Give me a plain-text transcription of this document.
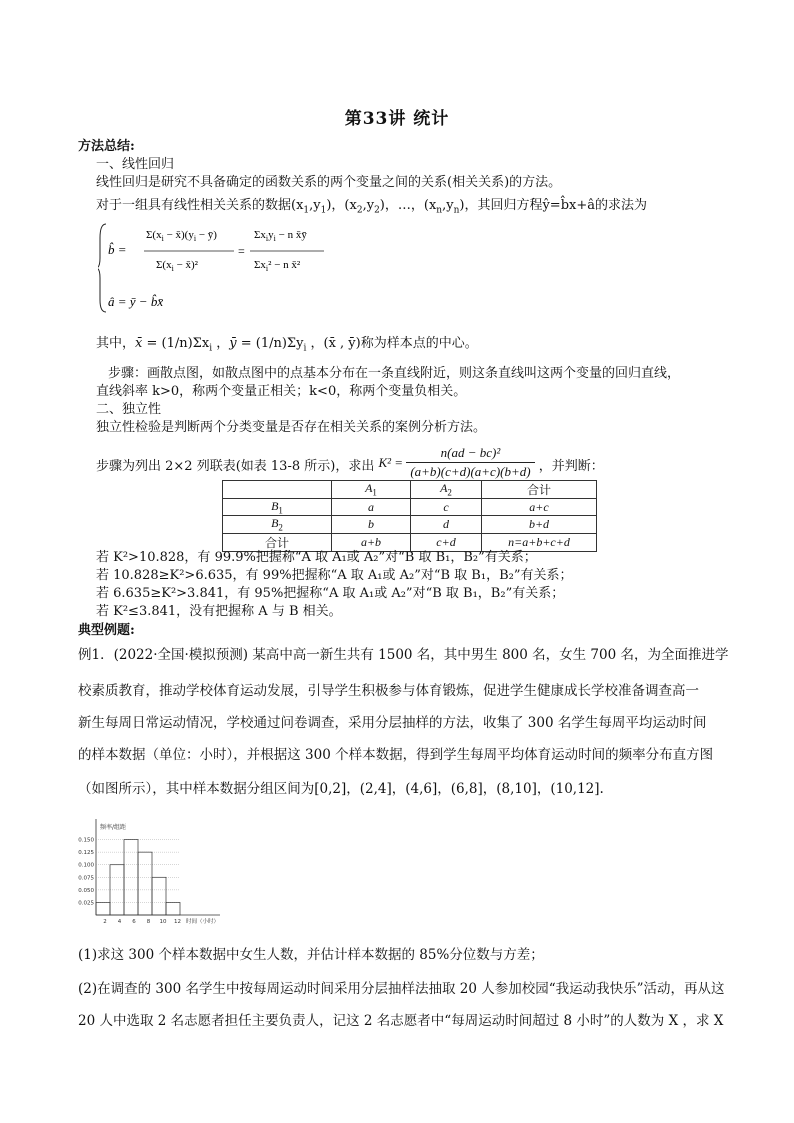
第33讲 统计
方法总结:
一、线性回归
线性回归是研究不具备确定的函数关系的两个变量之间的关系(相关关系)的方法。
对于一组具有线性相关关系的数据$(x_1,y_1)$，$(x_2,y_2)$，…，$(x_n,y_n)$，其回归方程ŷ=b̂x+â的求法为
b̂ =
$\Sigma(x_i$ − $x̄)(y_i$ − ȳ)
$\Sigma(x_i$ − x̄)²
=
$\Sigma x_iy_i - n$ x̄ȳ
$\Sigma x_i^2 - n$ x̄²
â = ȳ − b̂x̄
其中，x̄ = $(1/n)\Sigma x_i$ ，ȳ = $(1/n)\Sigma y_i$ ，(x̄ , ȳ)称为样本点的中心。
步骤：画散点图，如散点图中的点基本分布在一条直线附近，则这条直线叫这两个变量的回归直线，
直线斜率 k>0，称两个变量正相关；k<0，称两个变量负相关。
二、独立性
独立性检验是判断两个分类变量是否存在相关关系的案例分析方法。
步骤为列出 2×2 列联表(如表 13-8 所示)，求出 $K^2 = \frac{\text{n(ad − bc)²}}{(a+b)(c+d)(a+c)(b+d)}$ ，并判断：
	$A_1$	$A_2$	合计
$B_1$	a	c	a+c
$B_2$	b	d	b+d
合计	a+b	c+d	n=a+b+c+d
若 K²>10.828，有 99.9%把握称“A 取 A₁或 A₂”对“B 取 B₁，B₂”有关系；
若 10.828≥K²>6.635，有 99%把握称“A 取 A₁或 A₂”对“B 取 B₁，B₂”有关系；
若 6.635≥K²>3.841，有 95%把握称“A 取 A₁或 A₂”对“B 取 B₁，B₂”有关系；
若 K²≤3.841，没有把握称 A 与 B 相关。
典型例题:
例1．(2022·全国·模拟预测) 某高中高一新生共有 1500 名，其中男生 800 名，女生 700 名，为全面推进学
校素质教育，推动学校体育运动发展，引导学生积极参与体育锻炼，促进学生健康成长学校准备调查高一
新生每周日常运动情况，学校通过问卷调查，采用分层抽样的方法，收集了 300 名学生每周平均运动时间
的样本数据（单位：小时），并根据这 300 个样本数据，得到学生每周平均体育运动时间的频率分布直方图
（如图所示），其中样本数据分组区间为[0,2]，(2,4]，(4,6]，(6,8]，(8,10]，(10,12].
频率/组距
0.150
0.125
0.100
0.075
0.050
0.025
2 4 6 8 10 12 时间（小时）
(1)求这 300 个样本数据中女生人数，并估计样本数据的 85%分位数与方差；
(2)在调查的 300 名学生中按每周运动时间采用分层抽样法抽取 20 人参加校园“我运动我快乐”活动，再从这
20 人中选取 2 名志愿者担任主要负责人，记这 2 名志愿者中“每周运动时间超过 8 小时”的人数为 X ，求 X
